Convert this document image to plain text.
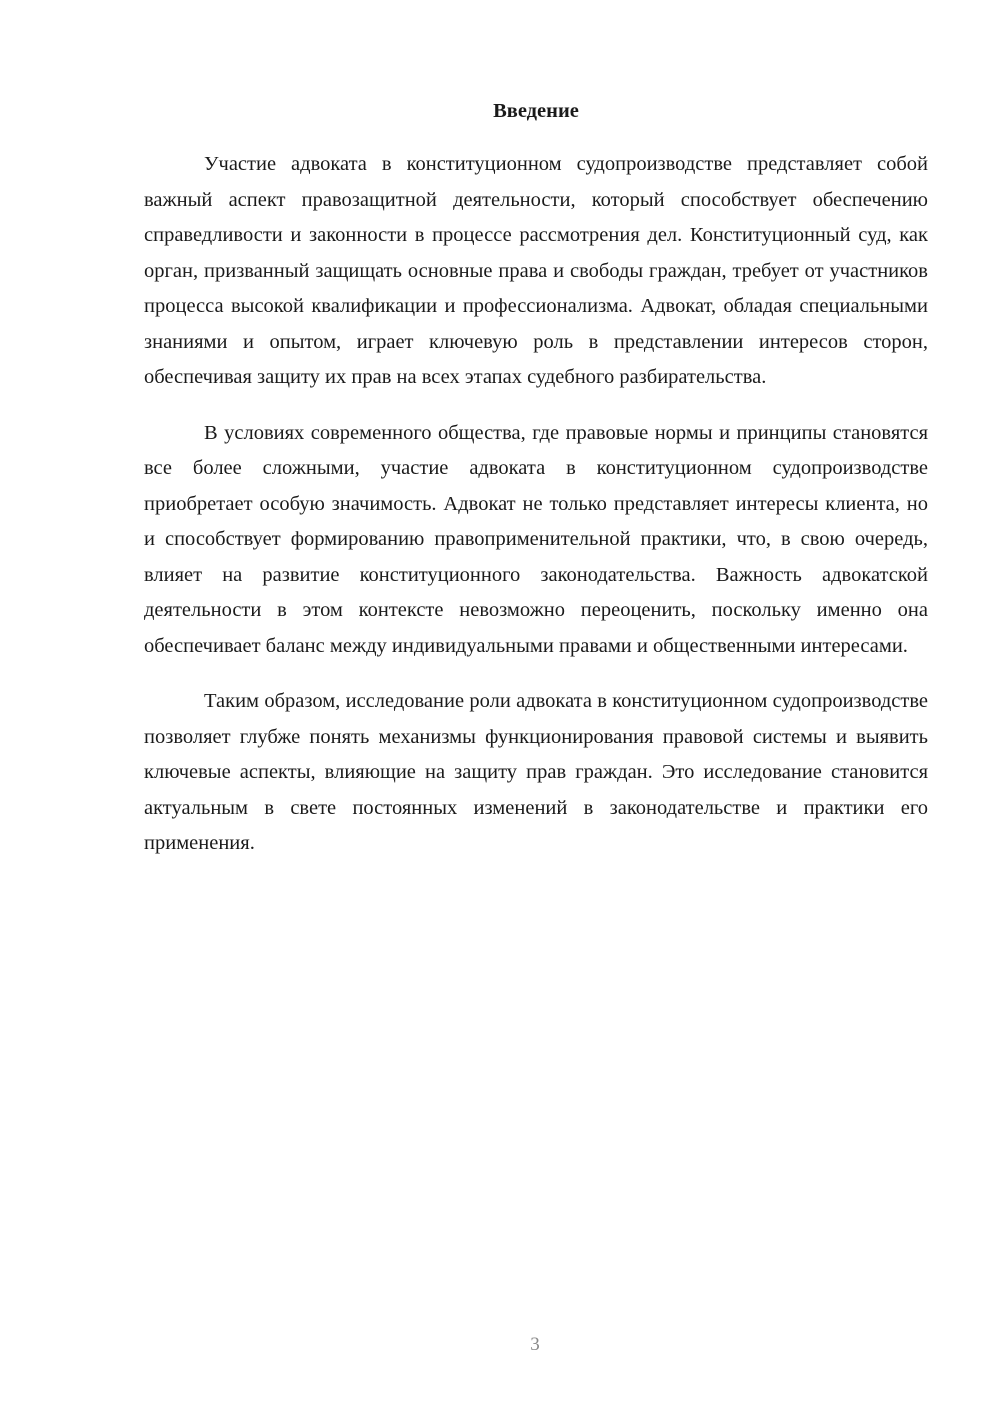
Введение

Участие адвоката в конституционном судопроизводстве представляет собой важный аспект правозащитной деятельности, который способствует обеспечению справедливости и законности в процессе рассмотрения дел. Конституционный суд, как орган, призванный защищать основные права и свободы граждан, требует от участников процесса высокой квалификации и профессионализма. Адвокат, обладая специальными знаниями и опытом, играет ключевую роль в представлении интересов сторон, обеспечивая защиту их прав на всех этапах судебного разбирательства.

В условиях современного общества, где правовые нормы и принципы становятся все более сложными, участие адвоката в конституционном судопроизводстве приобретает особую значимость. Адвокат не только представляет интересы клиента, но и способствует формированию правоприменительной практики, что, в свою очередь, влияет на развитие конституционного законодательства. Важность адвокатской деятельности в этом контексте невозможно переоценить, поскольку именно она обеспечивает баланс между индивидуальными правами и общественными интересами.

Таким образом, исследование роли адвоката в конституционном судопроизводстве позволяет глубже понять механизмы функционирования правовой системы и выявить ключевые аспекты, влияющие на защиту прав граждан. Это исследование становится актуальным в свете постоянных изменений в законодательстве и практики его применения.

3
